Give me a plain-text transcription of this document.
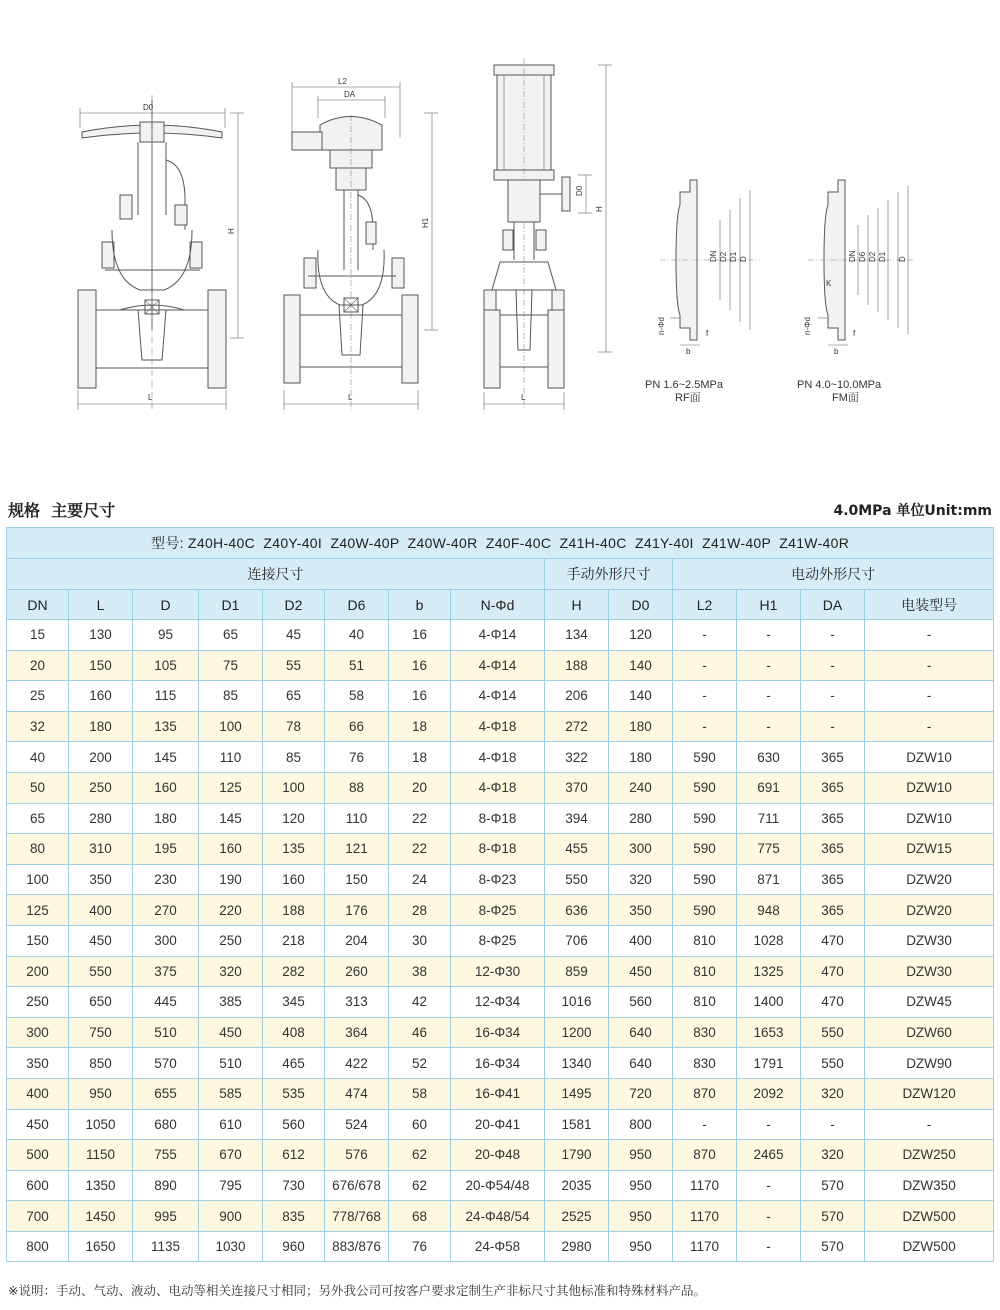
D0
H
L
L2
DA
H1
L
D0
H
L
DN D2 D1 D
n-Φd
b
f
PN 1.6~2.5MPa
RF面
DN D6 D2 D1 D
K
n-Φd
b
f
PN 4.0~10.0MPa
FM面
规格  主要尺寸	4.0MPa 单位Unit:mm
型号: Z40H-40C  Z40Y-40I  Z40W-40P  Z40W-40R  Z40F-40C  Z41H-40C  Z41Y-40I  Z41W-40P  Z41W-40R													
连接尺寸								手动外形尺寸		电动外形尺寸			
DN	L	D	D1	D2	D6	b	N-Φd	H	D0	L2	H1	DA	电装型号
15	130	95	65	45	40	16	4-Φ14	134	120	-	-	-	-
20	150	105	75	55	51	16	4-Φ14	188	140	-	-	-	-
25	160	115	85	65	58	16	4-Φ14	206	140	-	-	-	-
32	180	135	100	78	66	18	4-Φ18	272	180	-	-	-	-
40	200	145	110	85	76	18	4-Φ18	322	180	590	630	365	DZW10
50	250	160	125	100	88	20	4-Φ18	370	240	590	691	365	DZW10
65	280	180	145	120	110	22	8-Φ18	394	280	590	711	365	DZW10
80	310	195	160	135	121	22	8-Φ18	455	300	590	775	365	DZW15
100	350	230	190	160	150	24	8-Φ23	550	320	590	871	365	DZW20
125	400	270	220	188	176	28	8-Φ25	636	350	590	948	365	DZW20
150	450	300	250	218	204	30	8-Φ25	706	400	810	1028	470	DZW30
200	550	375	320	282	260	38	12-Φ30	859	450	810	1325	470	DZW30
250	650	445	385	345	313	42	12-Φ34	1016	560	810	1400	470	DZW45
300	750	510	450	408	364	46	16-Φ34	1200	640	830	1653	550	DZW60
350	850	570	510	465	422	52	16-Φ34	1340	640	830	1791	550	DZW90
400	950	655	585	535	474	58	16-Φ41	1495	720	870	2092	320	DZW120
450	1050	680	610	560	524	60	20-Φ41	1581	800	-	-	-	-
500	1150	755	670	612	576	62	20-Φ48	1790	950	870	2465	320	DZW250
600	1350	890	795	730	676/678	62	20-Φ54/48	2035	950	1170	-	570	DZW350
700	1450	995	900	835	778/768	68	24-Φ48/54	2525	950	1170	-	570	DZW500
800	1650	1135	1030	960	883/876	76	24-Φ58	2980	950	1170	-	570	DZW500
※说明：手动、气动、液动、电动等相关连接尺寸相同；另外我公司可按客户要求定制生产非标尺寸其他标准和特殊材料产品。
